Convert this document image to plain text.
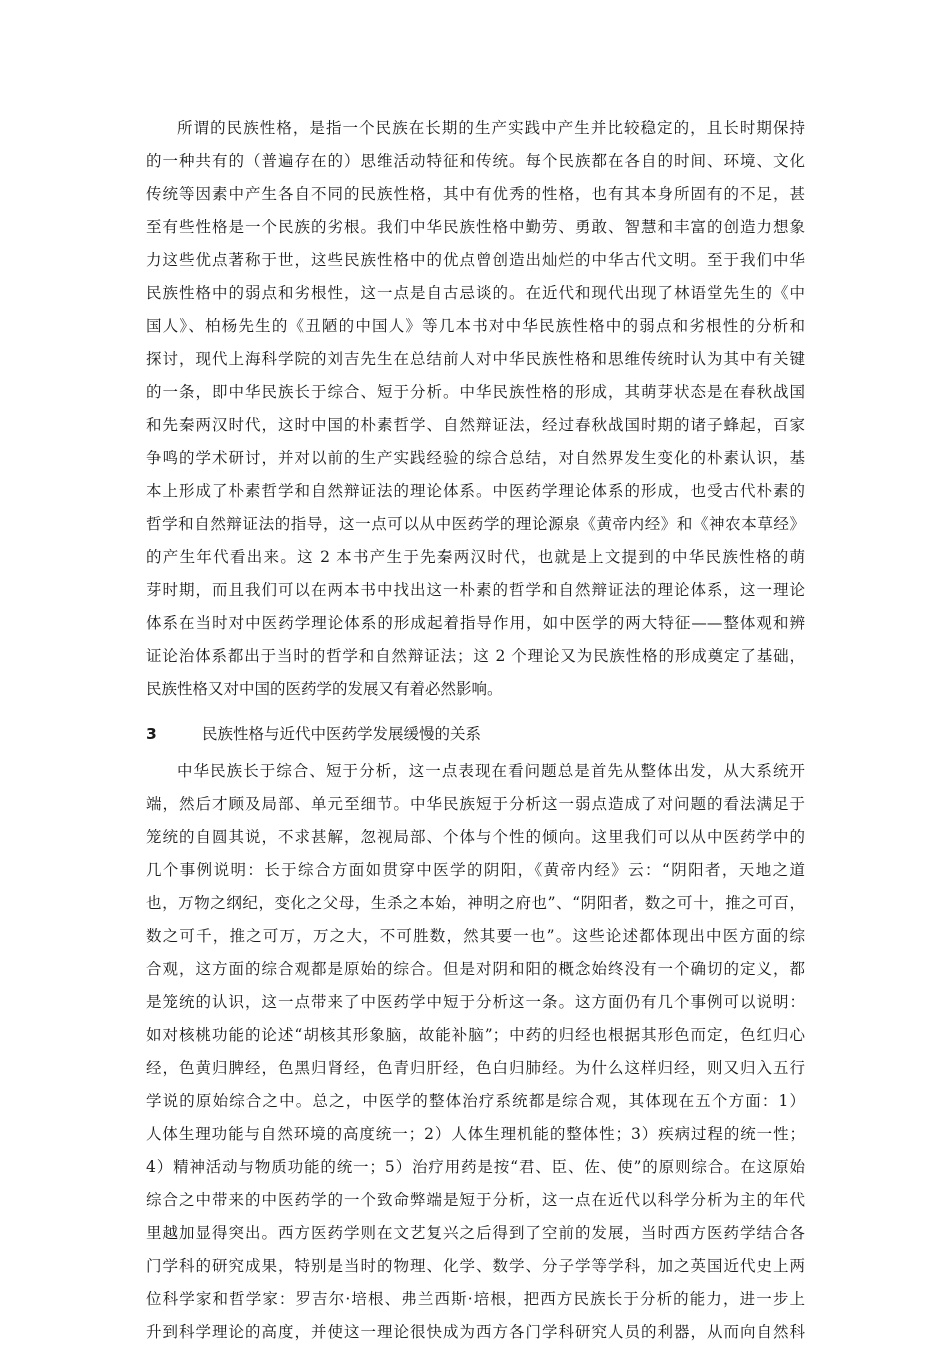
所谓的民族性格，是指一个民族在长期的生产实践中产生并比较稳定的，且长时期保持
的一种共有的（普遍存在的）思维活动特征和传统。每个民族都在各自的时间、环境、文化
传统等因素中产生各自不同的民族性格，其中有优秀的性格，也有其本身所固有的不足，甚
至有些性格是一个民族的劣根。我们中华民族性格中勤劳、勇敢、智慧和丰富的创造力想象
力这些优点著称于世，这些民族性格中的优点曾创造出灿烂的中华古代文明。至于我们中华
民族性格中的弱点和劣根性，这一点是自古忌谈的。在近代和现代出现了林语堂先生的《中
国人》、柏杨先生的《丑陋的中国人》等几本书对中华民族性格中的弱点和劣根性的分析和
探讨，现代上海科学院的刘吉先生在总结前人对中华民族性格和思维传统时认为其中有关键
的一条，即中华民族长于综合、短于分析。中华民族性格的形成，其萌芽状态是在春秋战国
和先秦两汉时代，这时中国的朴素哲学、自然辩证法，经过春秋战国时期的诸子蜂起，百家
争鸣的学术研讨，并对以前的生产实践经验的综合总结，对自然界发生变化的朴素认识，基
本上形成了朴素哲学和自然辩证法的理论体系。中医药学理论体系的形成，也受古代朴素的
哲学和自然辩证法的指导，这一点可以从中医药学的理论源泉《黄帝内经》和《神农本草经》
的产生年代看出来。这 2 本书产生于先秦两汉时代，也就是上文提到的中华民族性格的萌
芽时期，而且我们可以在两本书中找出这一朴素的哲学和自然辩证法的理论体系，这一理论
体系在当时对中医药学理论体系的形成起着指导作用，如中医学的两大特征——整体观和辨
证论治体系都出于当时的哲学和自然辩证法；这 2 个理论又为民族性格的形成奠定了基础，
民族性格又对中国的医药学的发展又有着必然影响。
3	民族性格与近代中医药学发展缓慢的关系
中华民族长于综合、短于分析，这一点表现在看问题总是首先从整体出发，从大系统开
端，然后才顾及局部、单元至细节。中华民族短于分析这一弱点造成了对问题的看法满足于
笼统的自圆其说，不求甚解，忽视局部、个体与个性的倾向。这里我们可以从中医药学中的
几个事例说明：长于综合方面如贯穿中医学的阴阳，《黄帝内经》云：“阴阳者，天地之道
也，万物之纲纪，变化之父母，生杀之本始，神明之府也”、“阴阳者，数之可十，推之可百，
数之可千，推之可万，万之大，不可胜数，然其要一也”。这些论述都体现出中医方面的综
合观，这方面的综合观都是原始的综合。但是对阴和阳的概念始终没有一个确切的定义，都
是笼统的认识，这一点带来了中医药学中短于分析这一条。这方面仍有几个事例可以说明：
如对核桃功能的论述“胡核其形象脑，故能补脑”；中药的归经也根据其形色而定，色红归心
经，色黄归脾经，色黑归肾经，色青归肝经，色白归肺经。为什么这样归经，则又归入五行
学说的原始综合之中。总之，中医学的整体治疗系统都是综合观，其体现在五个方面：1）
人体生理功能与自然环境的高度统一；2）人体生理机能的整体性；3）疾病过程的统一性；
4）精神活动与物质功能的统一；5）治疗用药是按“君、臣、佐、使”的原则综合。在这原始
综合之中带来的中医药学的一个致命弊端是短于分析，这一点在近代以科学分析为主的年代
里越加显得突出。西方医药学则在文艺复兴之后得到了空前的发展，当时西方医药学结合各
门学科的研究成果，特别是当时的物理、化学、数学、分子学等学科，加之英国近代史上两
位科学家和哲学家：罗吉尔·培根、弗兰西斯·培根，把西方民族长于分析的能力，进一步上
升到科学理论的高度，并使这一理论很快成为西方各门学科研究人员的利器，从而向自然科
